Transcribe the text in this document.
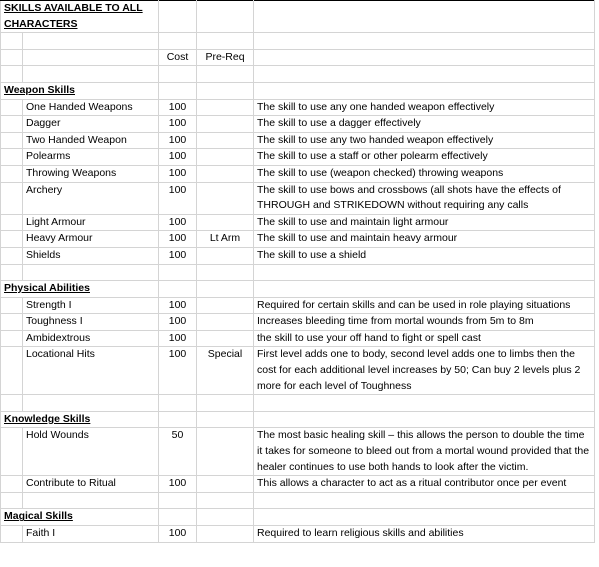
SKILLS AVAILABLE TO ALL CHARACTERS				

		Cost	Pre-Req	

Weapon Skills				
	One Handed Weapons	100		The skill to use any one handed weapon effectively
	Dagger	100		The skill to use a dagger effectively
	Two Handed Weapon	100		The skill to use any two handed weapon effectively
	Polearms	100		The skill to use a staff or other polearm effectively
	Throwing Weapons	100		The skill to use (weapon checked) throwing weapons
	Archery	100		The skill to use bows and crossbows (all shots have the effects of THROUGH and STRIKEDOWN without requiring any calls
	Light Armour	100		The skill to use and maintain light armour
	Heavy Armour	100	Lt Arm	The skill to use and maintain heavy armour
	Shields	100		The skill to use a shield

Physical Abilities				
	Strength I	100		Required for certain skills and can be used in role playing situations
	Toughness I	100		Increases bleeding time from mortal wounds from 5m to 8m
	Ambidextrous	100		the skill to use your off hand to fight or spell cast
	Locational Hits	100	Special	First level adds one to body, second level adds one to limbs then the cost for each additional level increases by 50; Can buy 2 levels plus 2 more for each level of Toughness

Knowledge Skills				
	Hold Wounds	50		The most basic healing skill – this allows the person to double the time it takes for someone to bleed out from a mortal wound provided that the healer continues to use both hands to look after the victim.
	Contribute to Ritual	100		This allows a character to act as a ritual contributor once per event

Magical Skills				
	Faith I	100		Required to learn religious skills and abilities
